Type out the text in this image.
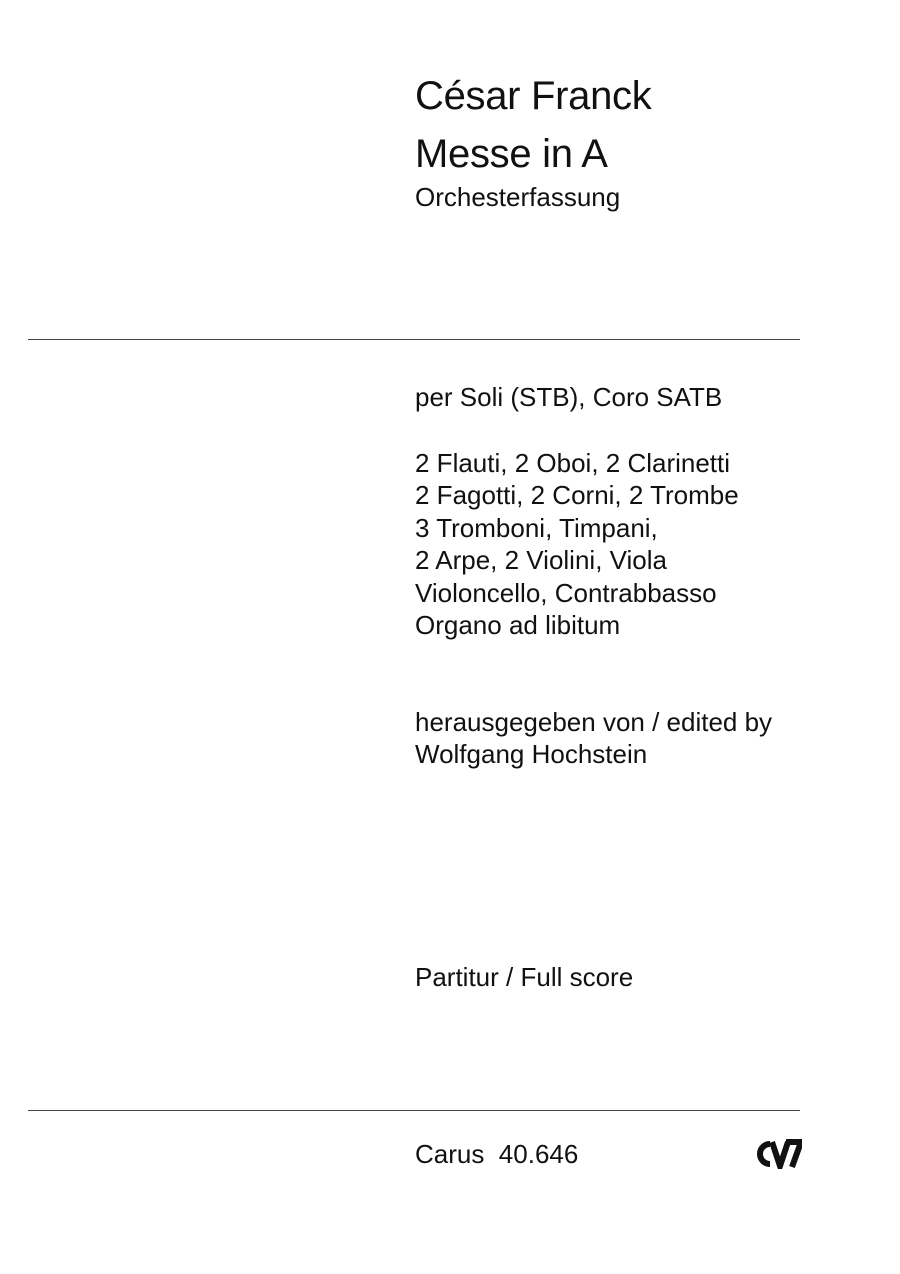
César Franck
Messe in A
Orchesterfassung
per Soli (STB), Coro SATB
2 Flauti, 2 Oboi, 2 Clarinetti
2 Fagotti, 2 Corni, 2 Trombe
3 Tromboni, Timpani,
2 Arpe, 2 Violini, Viola
Violoncello, Contrabbasso
Organo ad libitum
herausgegeben von / edited by
Wolfgang Hochstein
Partitur / Full score
Carus  40.646
